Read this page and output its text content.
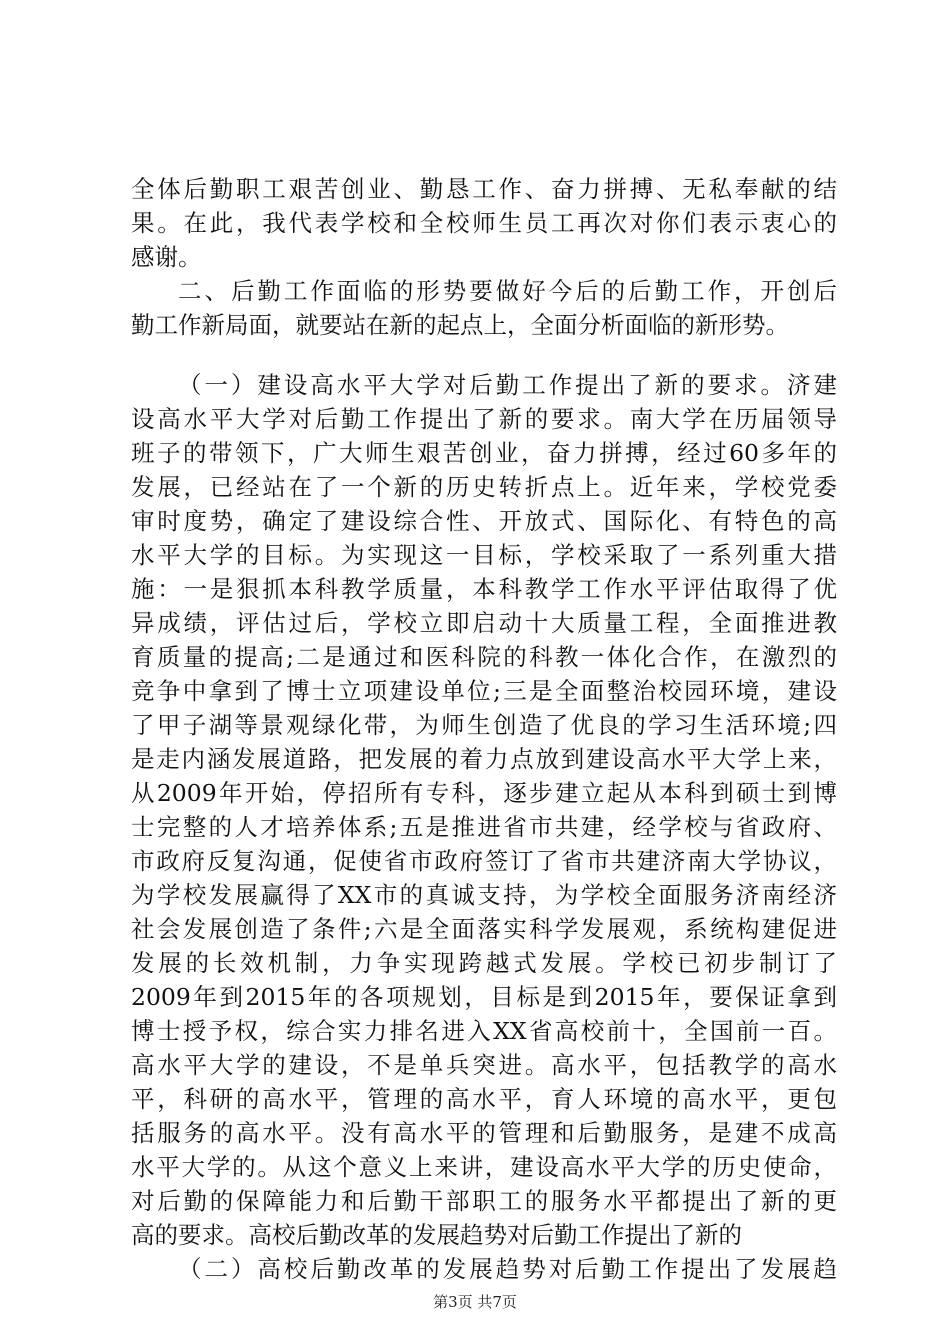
全体后勤职工艰苦创业、勤恳工作、奋力拼搏、无私奉献的结
果。在此，我代表学校和全校师生员工再次对你们表示衷心的
感谢。
二、后勤工作面临的形势要做好今后的后勤工作，开创后
勤工作新局面，就要站在新的起点上，全面分析面临的新形势。
（一）建设高水平大学对后勤工作提出了新的要求。济建
设高水平大学对后勤工作提出了新的要求。南大学在历届领导
班子的带领下，广大师生艰苦创业，奋力拼搏，经过60多年的
发展，已经站在了一个新的历史转折点上。近年来，学校党委
审时度势，确定了建设综合性、开放式、国际化、有特色的高
水平大学的目标。为实现这一目标，学校采取了一系列重大措
施：一是狠抓本科教学质量，本科教学工作水平评估取得了优
异成绩，评估过后，学校立即启动十大质量工程，全面推进教
育质量的提高;二是通过和医科院的科教一体化合作，在激烈的
竞争中拿到了博士立项建设单位;三是全面整治校园环境，建设
了甲子湖等景观绿化带，为师生创造了优良的学习生活环境;四
是走内涵发展道路，把发展的着力点放到建设高水平大学上来，
从2009年开始，停招所有专科，逐步建立起从本科到硕士到博
士完整的人才培养体系;五是推进省市共建，经学校与省政府、
市政府反复沟通，促使省市政府签订了省市共建济南大学协议，
为学校发展赢得了XX市的真诚支持，为学校全面服务济南经济
社会发展创造了条件;六是全面落实科学发展观，系统构建促进
发展的长效机制，力争实现跨越式发展。学校已初步制订了
2009年到2015年的各项规划，目标是到2015年，要保证拿到
博士授予权，综合实力排名进入XX省高校前十，全国前一百。
高水平大学的建设，不是单兵突进。高水平，包括教学的高水
平，科研的高水平，管理的高水平，育人环境的高水平，更包
括服务的高水平。没有高水平的管理和后勤服务，是建不成高
水平大学的。从这个意义上来讲，建设高水平大学的历史使命，
对后勤的保障能力和后勤干部职工的服务水平都提出了新的更
高的要求。高校后勤改革的发展趋势对后勤工作提出了新的
（二）高校后勤改革的发展趋势对后勤工作提出了发展趋
第3页 共7页
